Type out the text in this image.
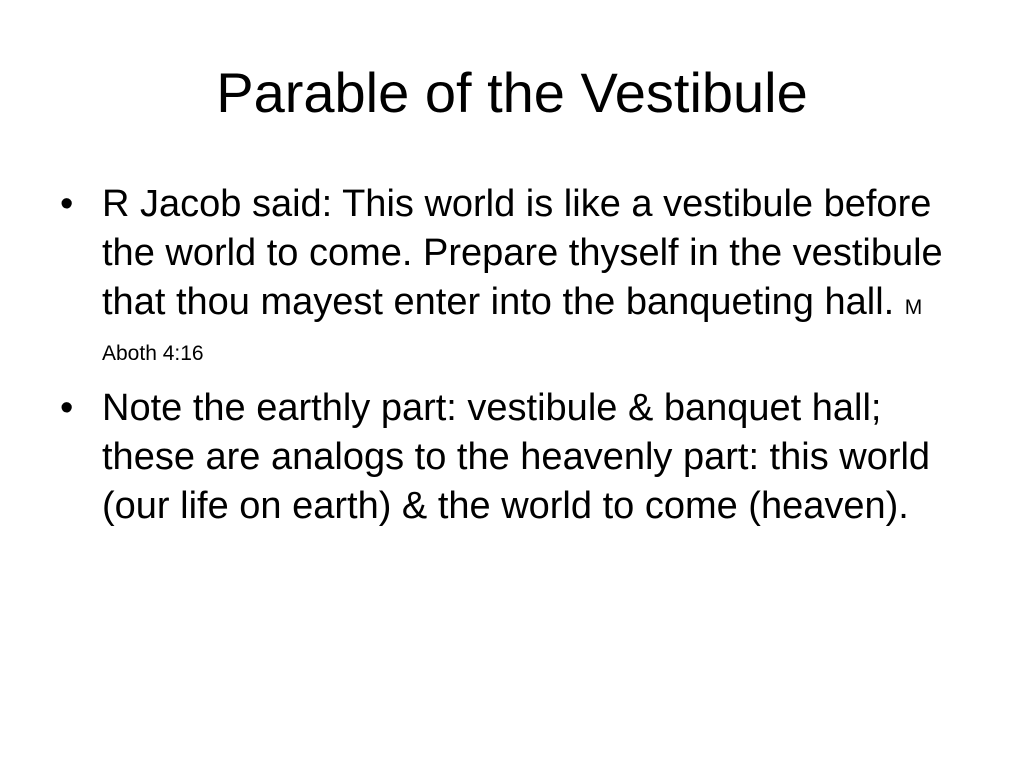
Parable of the Vestibule
• R Jacob said: This world is like a vestibule before the world to come. Prepare thyself in the vestibule that thou mayest enter into the banqueting hall. M
Aboth 4:16
• Note the earthly part: vestibule & banquet hall; these are analogs to the heavenly part: this world (our life on earth) & the world to come (heaven).
